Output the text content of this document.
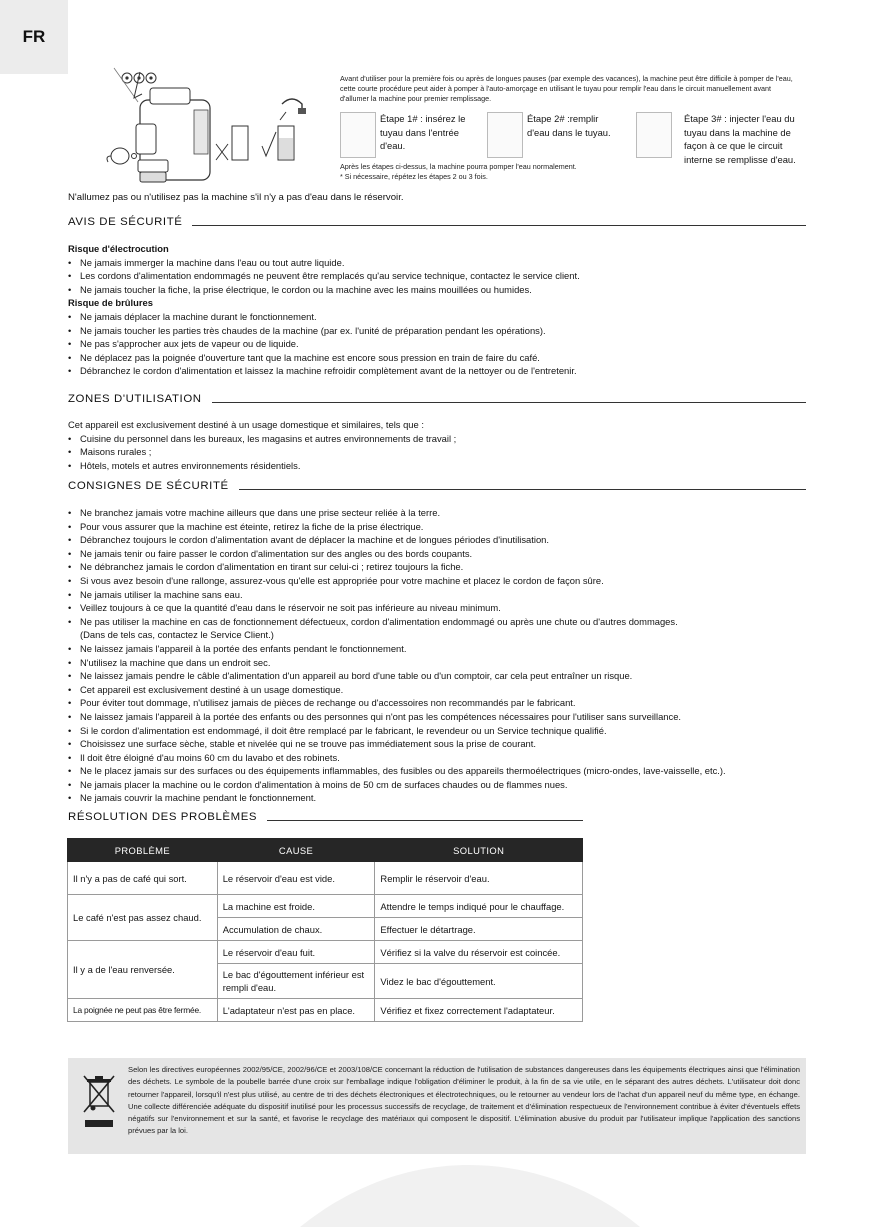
FR
Avant d'utiliser pour la première fois ou après de longues pauses (par exemple des vacances), la machine peut être difficile à pomper de l'eau, cette courte procédure peut aider à pomper à l'auto-amorçage en utilisant le tuyau pour remplir l'eau dans le circuit manuellement avant d'allumer la machine pour premier remplissage.
Étape 1# : insérez le tuyau dans l'entrée d'eau.
Étape 2# :remplir d'eau dans le tuyau.
Étape 3# : injecter l'eau du tuyau dans la machine de façon à ce que le circuit interne se remplisse d'eau.
Après les étapes ci-dessus, la machine pourra pomper l'eau normalement.
* Si nécessaire, répétez les étapes 2 ou 3 fois.
N'allumez pas ou n'utilisez pas la machine s'il n'y a pas d'eau dans le réservoir.
AVIS DE SÉCURITÉ
Risque d'électrocution
• Ne jamais immerger la machine dans l'eau ou tout autre liquide.
• Les cordons d'alimentation endommagés ne peuvent être remplacés qu'au service technique, contactez le service client.
• Ne jamais toucher la fiche, la prise électrique, le cordon ou la machine avec les mains mouillées ou humides.
Risque de brûlures
• Ne jamais déplacer la machine durant le fonctionnement.
• Ne jamais toucher les parties très chaudes de la machine (par ex. l'unité de préparation pendant les opérations).
• Ne pas s'approcher aux jets de vapeur ou de liquide.
• Ne déplacez pas la poignée d'ouverture tant que la machine est encore sous pression en train de faire du café.
• Débranchez le cordon d'alimentation et laissez la machine refroidir complètement avant de la nettoyer ou de l'entretenir.
ZONES D'UTILISATION
Cet appareil est exclusivement destiné à un usage domestique et similaires, tels que :
• Cuisine du personnel dans les bureaux, les magasins et autres environnements de travail ;
• Maisons rurales ;
• Hôtels, motels et autres environnements résidentiels.
CONSIGNES DE SÉCURITÉ
• Ne branchez jamais votre machine ailleurs que dans une prise secteur reliée à la terre.
• Pour vous assurer que la machine est éteinte, retirez la fiche de la prise électrique.
• Débranchez toujours le cordon d'alimentation avant de déplacer la machine et de longues périodes d'inutilisation.
• Ne jamais tenir ou faire passer le cordon d'alimentation sur des angles ou des bords coupants.
• Ne débranchez jamais le cordon d'alimentation en tirant sur celui-ci ; retirez toujours la fiche.
• Si vous avez besoin d'une rallonge, assurez-vous qu'elle est appropriée pour votre machine et placez le cordon de façon sûre.
• Ne jamais utiliser la machine sans eau.
• Veillez toujours à ce que la quantité d'eau dans le réservoir ne soit pas inférieure au niveau minimum.
• Ne pas utiliser la machine en cas de fonctionnement défectueux, cordon d'alimentation endommagé ou après une chute ou d'autres dommages.
(Dans de tels cas, contactez le Service Client.)
• Ne laissez jamais l'appareil à la portée des enfants pendant le fonctionnement.
• N'utilisez la machine que dans un endroit sec.
• Ne laissez jamais pendre le câble d'alimentation d'un appareil au bord d'une table ou d'un comptoir, car cela peut entraîner un risque.
• Cet appareil est exclusivement destiné à un usage domestique.
• Pour éviter tout dommage, n'utilisez jamais de pièces de rechange ou d'accessoires non recommandés par le fabricant.
• Ne laissez jamais l'appareil à la portée des enfants ou des personnes qui n'ont pas les compétences nécessaires pour l'utiliser sans surveillance.
• Si le cordon d'alimentation est endommagé, il doit être remplacé par le fabricant, le revendeur ou un Service technique qualifié.
• Choisissez une surface sèche, stable et nivelée qui ne se trouve pas immédiatement sous la prise de courant.
• Il doit être éloigné d'au moins 60 cm du lavabo et des robinets.
• Ne le placez jamais sur des surfaces ou des équipements inflammables, des fusibles ou des appareils thermoélectriques (micro-ondes, lave-vaisselle, etc.).
• Ne jamais placer la machine ou le cordon d'alimentation à moins de 50 cm de surfaces chaudes ou de flammes nues.
• Ne jamais couvrir la machine pendant le fonctionnement.
RÉSOLUTION DES PROBLÈMES
PROBLÈME	CAUSE	SOLUTION
Il n'y a pas de café qui sort.	Le réservoir d'eau est vide.	Remplir le réservoir d'eau.
Le café n'est pas assez chaud.	La machine est froide.	Attendre le temps indiqué pour le chauffage.
	Accumulation de chaux.	Effectuer le détartrage.
Il y a de l'eau renversée.	Le réservoir d'eau fuit.	Vérifiez si la valve du réservoir est coincée.
	Le bac d'égouttement inférieur est rempli d'eau.	Videz le bac d'égouttement.
La poignée ne peut pas être fermée.	L'adaptateur n'est pas en place.	Vérifiez et fixez correctement l'adaptateur.
Selon les directives européennes 2002/95/CE, 2002/96/CE et 2003/108/CE concernant la réduction de l'utilisation de substances dangereuses dans les équipements électriques ainsi que l'élimination des déchets. Le symbole de la poubelle barrée d'une croix sur l'emballage indique l'obligation d'éliminer le produit, à la fin de sa vie utile, en le séparant des autres déchets. L'utilisateur doit donc retourner l'appareil, lorsqu'il n'est plus utilisé, au centre de tri des déchets électroniques et électrotechniques, ou le retourner au vendeur lors de l'achat d'un appareil neuf du même type, en échange. Une collecte différenciée adéquate du dispositif inutilisé pour les processus successifs de recyclage, de traitement et d'élimination respectueux de l'environnement contribue à éviter d'éventuels effets négatifs sur l'environnement et sur la santé, et favorise le recyclage des matériaux qui composent le dispositif. L'élimination abusive du produit par l'utilisateur implique l'application des sanctions prévues par la loi.
